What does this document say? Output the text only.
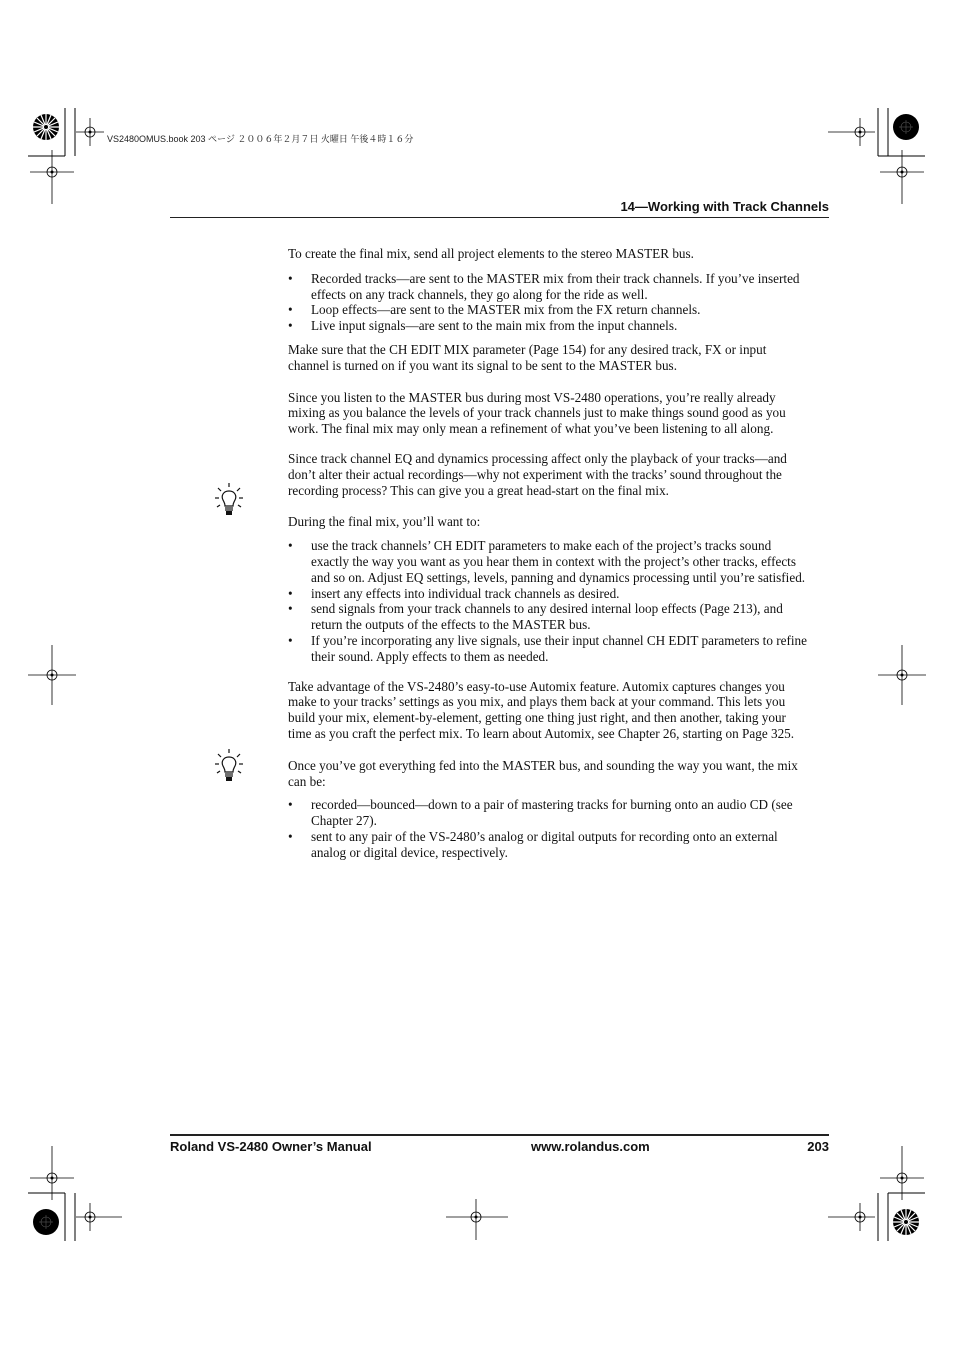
VS2480OMUS.book 203 ページ ２００６年２月７日 火曜日 午後４時１６分
14—Working with Track Channels

To create the final mix, send all project elements to the stereo MASTER bus.

• Recorded tracks—are sent to the MASTER mix from their track channels. If you’ve inserted effects on any track channels, they go along for the ride as well.
• Loop effects—are sent to the MASTER mix from the FX return channels.
• Live input signals—are sent to the main mix from the input channels.

Make sure that the CH EDIT MIX parameter (Page 154) for any desired track, FX or input channel is turned on if you want its signal to be sent to the MASTER bus.

Since you listen to the MASTER bus during most VS-2480 operations, you’re really already mixing as you balance the levels of your track channels just to make things sound good as you work. The final mix may only mean a refinement of what you’ve been listening to all along.

Since track channel EQ and dynamics processing affect only the playback of your tracks—and don’t alter their actual recordings—why not experiment with the tracks’ sound throughout the recording process? This can give you a great head-start on the final mix.

During the final mix, you’ll want to:

• use the track channels’ CH EDIT parameters to make each of the project’s tracks sound exactly the way you want as you hear them in context with the project’s other tracks, effects and so on. Adjust EQ settings, levels, panning and dynamics processing until you’re satisfied.
• insert any effects into individual track channels as desired.
• send signals from your track channels to any desired internal loop effects (Page 213), and return the outputs of the effects to the MASTER bus.
• If you’re incorporating any live signals, use their input channel CH EDIT parameters to refine their sound. Apply effects to them as needed.

Take advantage of the VS-2480’s easy-to-use Automix feature. Automix captures changes you make to your tracks’ settings as you mix, and plays them back at your command. This lets you build your mix, element-by-element, getting one thing just right, and then another, taking your time as you craft the perfect mix. To learn about Automix, see Chapter 26, starting on Page 325.

Once you’ve got everything fed into the MASTER bus, and sounding the way you want, the mix can be:

• recorded—bounced—down to a pair of mastering tracks for burning onto an audio CD (see Chapter 27).
• sent to any pair of the VS-2480’s analog or digital outputs for recording onto an external analog or digital device, respectively.
Roland VS-2480 Owner’s Manual	www.rolandus.com	203
